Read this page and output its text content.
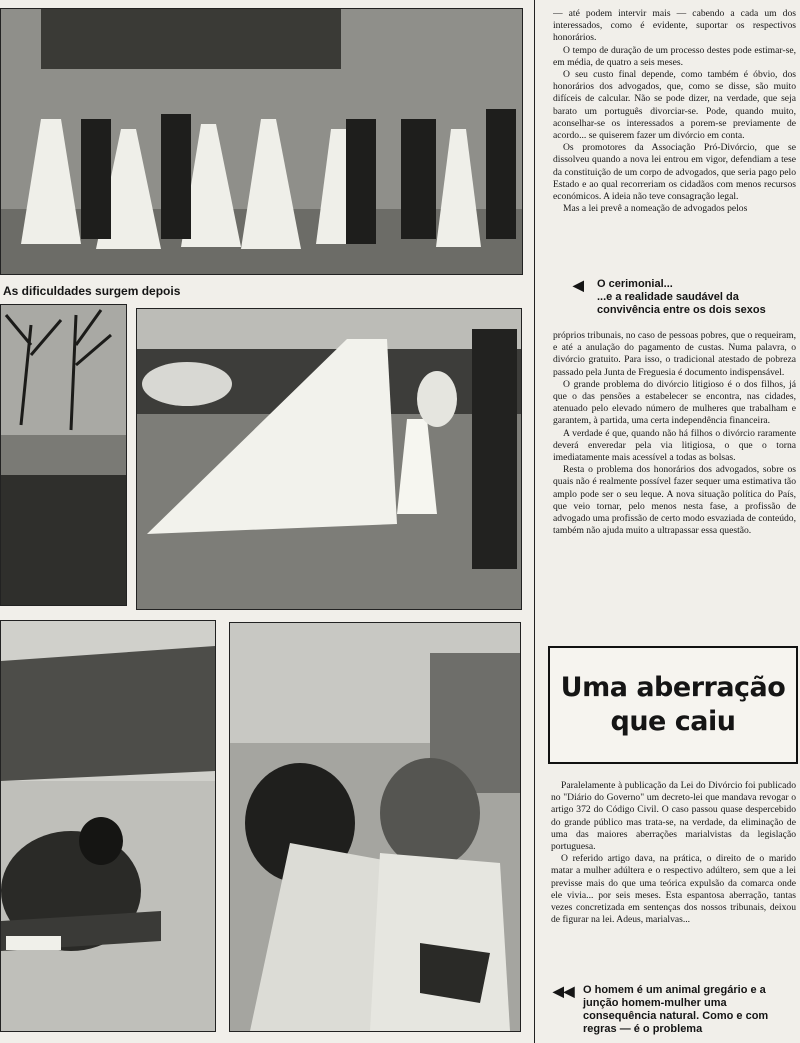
As dificuldades surgem depois

— até podem intervir mais — cabendo a cada um dos interessados, como é evidente, suportar os respectivos honorários.

O tempo de duração de um processo destes pode estimar-se, em média, de quatro a seis meses.

O seu custo final depende, como também é óbvio, dos honorários dos advogados, que, como se disse, são muito difíceis de calcular. Não se pode dizer, na verdade, que seja barato um português divorciar-se. Pode, quando muito, aconselhar-se os interessados a porem-se previamente de acordo... se quiserem fazer um divórcio em conta.

Os promotores da Associação Pró-Divórcio, que se dissolveu quando a nova lei entrou em vigor, defendiam a tese da constituição de um corpo de advogados, que seria pago pelo Estado e ao qual recorreriam os cidadãos com menos recursos económicos. A ideia não teve consagração legal.

Mas a lei prevê a nomeação de advogados pelos

◀ O cerimonial...
...e a realidade saudável da convivência entre os dois sexos

próprios tribunais, no caso de pessoas pobres, que o requeiram, e até a anulação do pagamento de custas. Numa palavra, o divórcio gratuito. Para isso, o tradicional atestado de pobreza passado pela Junta de Freguesia é documento indispensável.

O grande problema do divórcio litigioso é o dos filhos, já que o das pensões a estabelecer se encontra, nas cidades, atenuado pelo elevado número de mulheres que trabalham e garantem, à partida, uma certa independência financeira.

A verdade é que, quando não há filhos o divórcio raramente deverá enveredar pela via litigiosa, o que o torna imediatamente mais acessível a todas as bolsas.

Resta o problema dos honorários dos advogados, sobre os quais não é realmente possível fazer sequer uma estimativa tão amplo pode ser o seu leque. A nova situação política do País, que veio tornar, pelo menos nesta fase, a profissão de advogado uma profissão de certo modo esvaziada de conteúdo, também não ajuda muito a ultrapassar essa questão.

Uma aberração
que caiu

Paralelamente à publicação da Lei do Divórcio foi publicado no "Diário do Governo" um decreto-lei que mandava revogar o artigo 372 do Código Civil. O caso passou quase despercebido do grande público mas trata-se, na verdade, da eliminação de uma das maiores aberrações marialvistas da legislação portuguesa.

O referido artigo dava, na prática, o direito de o marido matar a mulher adúltera e o respectivo adúltero, sem que a lei previsse mais do que uma teórica expulsão da comarca onde ele vivia... por seis meses. Esta espantosa aberração, tantas vezes concretizada em sentenças dos nossos tribunais, deixou de figurar na lei. Adeus, marialvas...

◀◀ O homem é um animal gregário e a junção homem-mulher uma consequência natural. Como e com regras — é o problema
